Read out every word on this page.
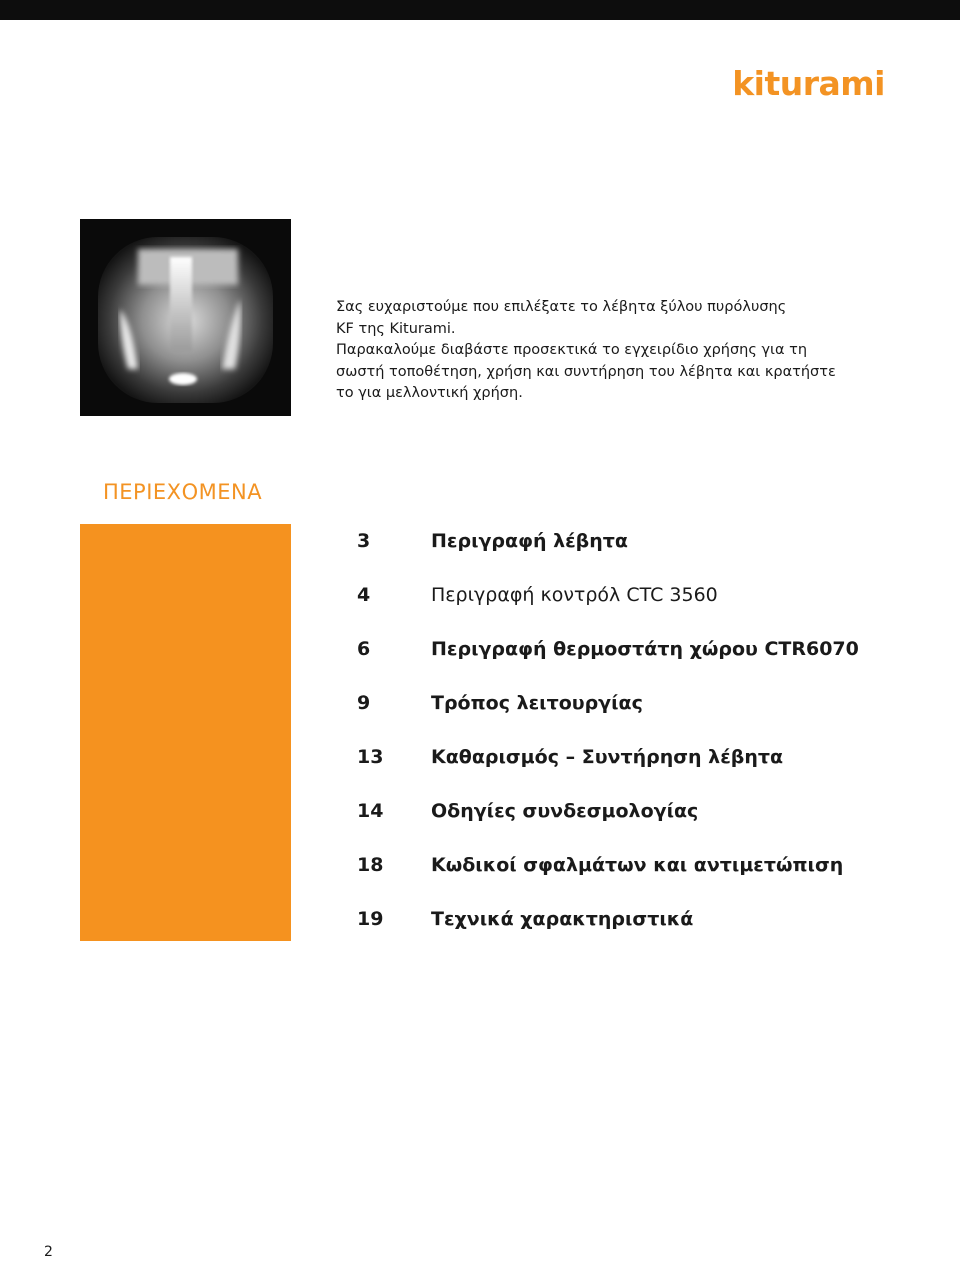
kiturami

Σας ευχαριστούμε που επιλέξατε το λέβητα ξύλου πυρόλυσης

KF της Kiturami.

Παρακαλούμε διαβάστε προσεκτικά το εγχειρίδιο χρήσης για τη

σωστή τοποθέτηση, χρήση και συντήρηση του λέβητα και κρατήστε

το για μελλοντική χρήση.

ΠΕΡΙΕΧΟΜΕΝΑ
3	Περιγραφή λέβητα
4	Περιγραφή κοντρόλ CTC 3560
6	Περιγραφή θερμοστάτη χώρου CTR6070
9	Τρόπος λειτουργίας
13	Καθαρισμός – Συντήρηση λέβητα
14	Οδηγίες συνδεσμολογίας
18	Κωδικοί σφαλμάτων και αντιμετώπιση
19	Τεχνικά χαρακτηριστικά
2
